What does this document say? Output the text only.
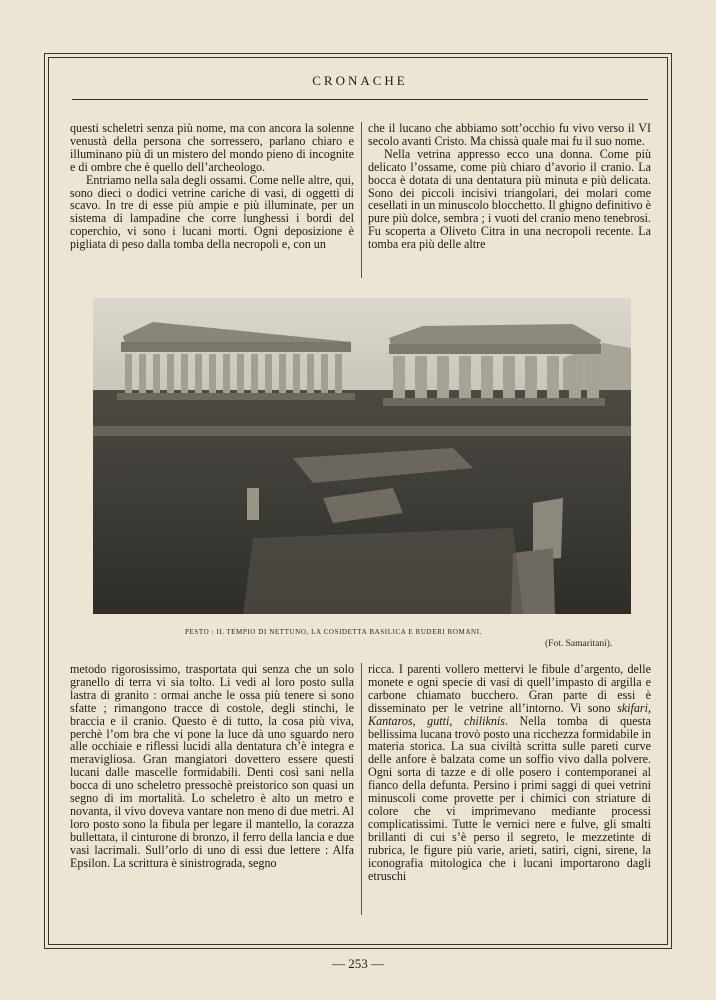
CRONACHE

questi scheletri senza più nome, ma con ancora la solenne venustà della persona che sorressero, parlano chiaro e illuminano più di un mistero del mondo pieno di incognite e di ombre che è quello dell’archeologo.

Entriamo nella sala degli ossami. Come nelle altre, qui, sono dieci o dodici vetrine cariche di vasi, di oggetti di scavo. In tre di esse più ampie e più illuminate, per un sistema di lampadine che corre lunghessi i bordi del coperchio, vi sono i lucani morti. Ogni deposizione è pigliata di peso dalla tomba della necropoli e, con un

che il lucano che abbiamo sott’occhio fu vivo verso il VI secolo avanti Cristo. Ma chissà quale mai fu il suo nome.

Nella vetrina appresso ecco una donna. Come più delicato l’ossame, come più chiaro d’avorio il cranio. La bocca è dotata di una dentatura più minuta e più delicata. Sono dei piccoli incisivi triangolari, dei molari come cesellati in un minuscolo blocchetto. Il ghigno definitivo è pure più dolce, sembra ; i vuoti del cranio meno tenebrosi. Fu scoperta a Oliveto Citra in una necropoli recente. La tomba era più delle altre

PESTO : IL TEMPIO DI NETTUNO, LA COSIDETTA BASILICA E RUDERI ROMANI.
(Fot. Samaritani).

metodo rigorosissimo, trasportata qui senza che un solo granello di terra vi sia tolto. Li vedi al loro posto sulla lastra di granito : ormai anche le ossa più tenere si sono sfatte ; rimangono tracce di costole, degli stinchi, le braccia e il cranio. Questo è di tutto, la cosa più viva, perchè l’om bra che vi pone la luce dà uno sguardo nero alle occhiaie e riflessi lucidi alla dentatura ch’è integra e meravigliosa. Gran mangiatori dovettero essere questi lucani dalle mascelle formidabili. Denti così sani nella bocca di uno scheletro pressochè preistorico son quasi un segno di im mortalità. Lo scheletro è alto un metro e novanta, il vivo doveva vantare non meno di due metri. Al loro posto sono la fibula per legare il mantello, la corazza bullettata, il cinturone di bronzo, il ferro della lancia e due vasi lacrimali. Sull’orlo di uno di essi due lettere : Alfa Epsilon. La scrittura è sinistrograda, segno

ricca. I parenti vollero mettervi le fibule d’argento, delle monete e ogni specie di vasi di quell’impasto di argilla e carbone chiamato bucchero. Gran parte di essi è disseminato per le vetrine all’intorno. Vi sono skifari, Kantaros, gutti, chiliknis. Nella tomba di questa bellissima lucana trovò posto una ricchezza formidabile in materia storica. La sua civiltà scritta sulle pareti curve delle anfore è balzata come un soffio vivo dalla polvere. Ogni sorta di tazze e di olle posero i contemporanei al fianco della defunta. Persino i primi saggi di quei vetrini minuscoli come provette per i chimici con striature di colore che vi imprimevano mediante processi complicatissimi. Tutte le vernici nere e fulve, gli smalti brillanti di cui s’è perso il segreto, le mezzetinte di rubrica, le figure più varie, arieti, satiri, cigni, sirene, la iconografia mitologica che i lucani importarono dagli etruschi

— 253 —
